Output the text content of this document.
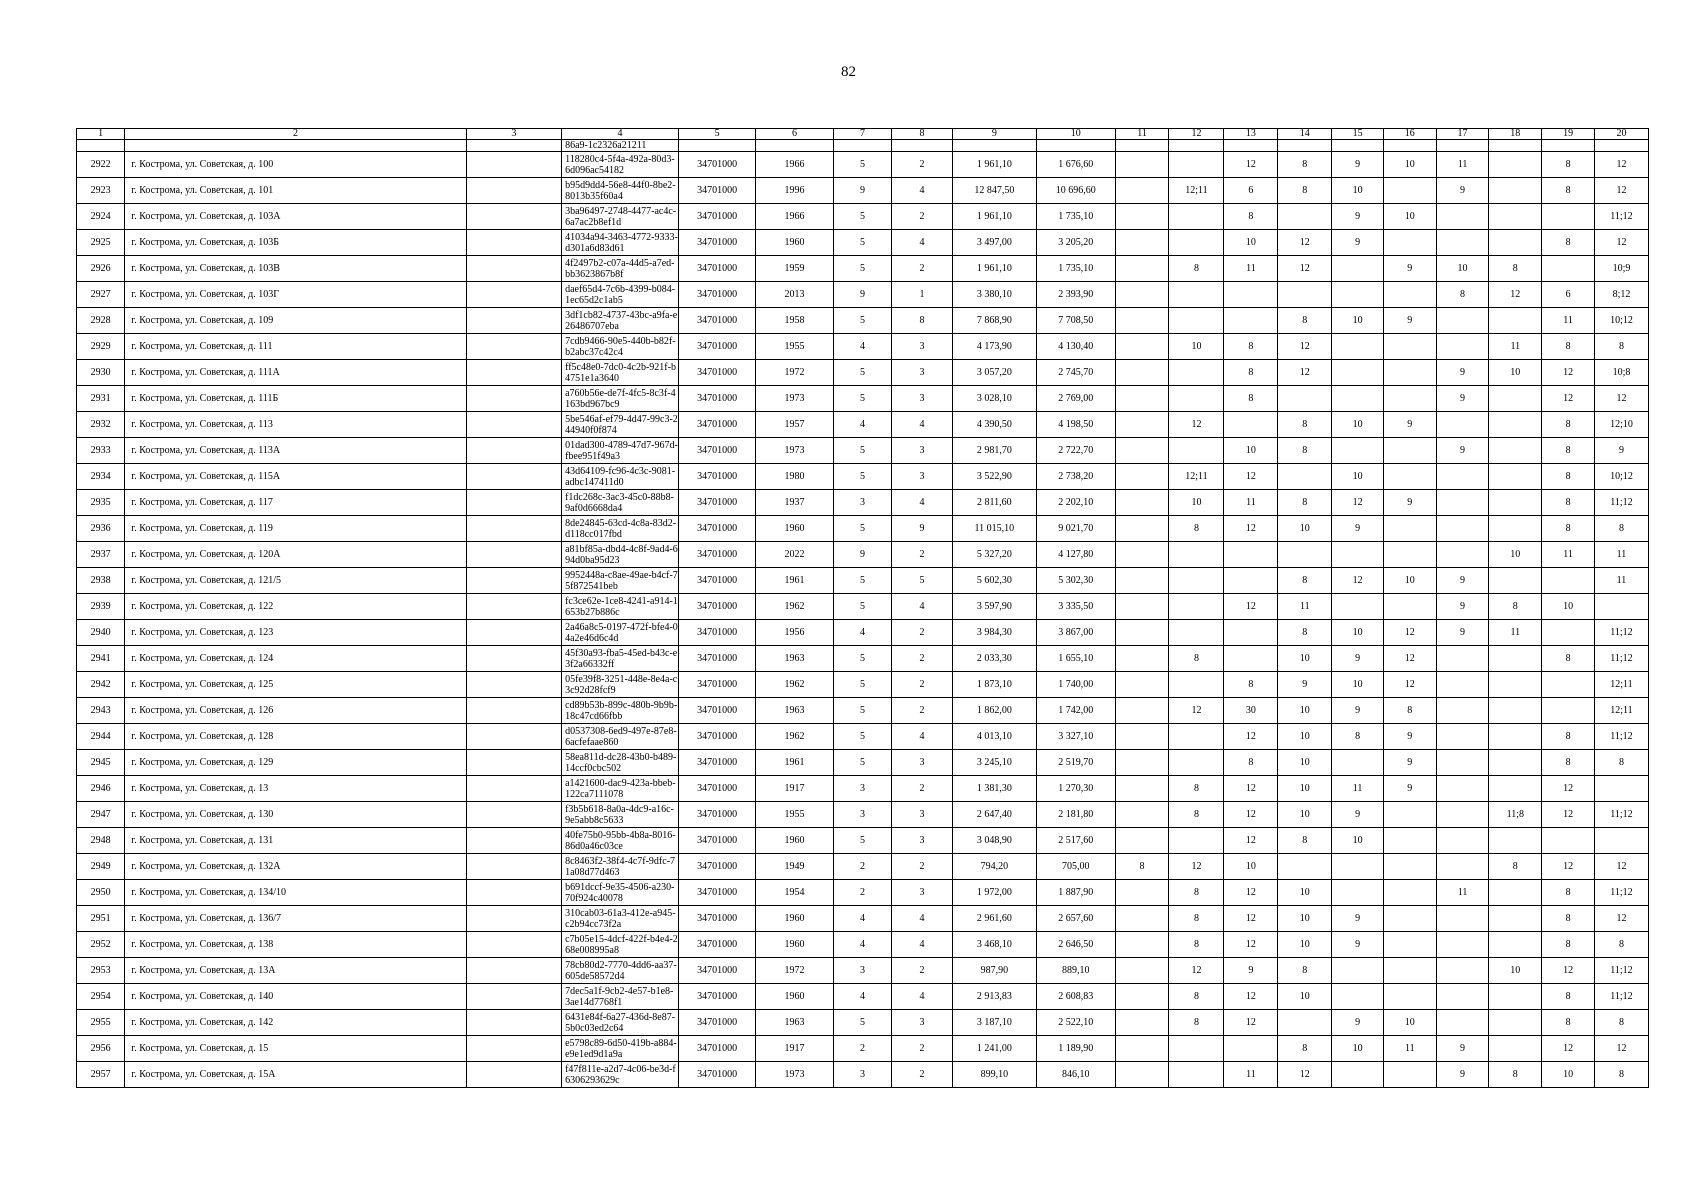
82
1	2	3	4	5	6	7	8	9	10	11	12	13	14	15	16	17	18	19	20
			86a9-1c2326a21211																
2922	г. Кострома, ул. Советская, д. 100		118280c4-5f4a-492a-80d3-6d096ac54182	34701000	1966	5	2	1 961,10	1 676,60			12	8	9	10	11		8	12
2923	г. Кострома, ул. Советская, д. 101		b95d9dd4-56e8-44f0-8be2-8013b35f60a4	34701000	1996	9	4	12 847,50	10 696,60		12;11	6	8	10		9		8	12
2924	г. Кострома, ул. Советская, д. 103А		3ba96497-2748-4477-ac4c-6a7ac2b8ef1d	34701000	1966	5	2	1 961,10	1 735,10			8		9	10				11;12
2925	г. Кострома, ул. Советская, д. 103Б		41034a94-3463-4772-9333-d301a6d83d61	34701000	1960	5	4	3 497,00	3 205,20			10	12	9				8	12
2926	г. Кострома, ул. Советская, д. 103В		4f2497b2-c07a-44d5-a7ed-bb3623867b8f	34701000	1959	5	2	1 961,10	1 735,10		8	11	12		9	10	8		10;9
2927	г. Кострома, ул. Советская, д. 103Г		daef65d4-7c6b-4399-b084-1ec65d2c1ab5	34701000	2013	9	1	3 380,10	2 393,90							8	12	6	8;12
2928	г. Кострома, ул. Советская, д. 109		3df1cb82-4737-43bc-a9fa-e26486707eba	34701000	1958	5	8	7 868,90	7 708,50				8	10	9			11	10;12
2929	г. Кострома, ул. Советская, д. 111		7cdb9466-90e5-440b-b82f-b2abc37c42c4	34701000	1955	4	3	4 173,90	4 130,40		10	8	12				11	8	8
2930	г. Кострома, ул. Советская, д. 111А		ff5c48e0-7dc0-4c2b-921f-b4751e1a3640	34701000	1972	5	3	3 057,20	2 745,70			8	12			9	10	12	10;8
2931	г. Кострома, ул. Советская, д. 111Б		a760b56e-de7f-4fc5-8c3f-4163bd967bc9	34701000	1973	5	3	3 028,10	2 769,00			8				9		12	12
2932	г. Кострома, ул. Советская, д. 113		5be546af-ef79-4d47-99c3-244940f0f874	34701000	1957	4	4	4 390,50	4 198,50		12		8	10	9			8	12;10
2933	г. Кострома, ул. Советская, д. 113А		01dad300-4789-47d7-967d-fbee951f49a3	34701000	1973	5	3	2 981,70	2 722,70			10	8			9		8	9
2934	г. Кострома, ул. Советская, д. 115А		43d64109-fc96-4c3c-9081-adbc147411d0	34701000	1980	5	3	3 522,90	2 738,20		12;11	12		10				8	10;12
2935	г. Кострома, ул. Советская, д. 117		f1dc268c-3ac3-45c0-88b8-9af0d6668da4	34701000	1937	3	4	2 811,60	2 202,10		10	11	8	12	9			8	11;12
2936	г. Кострома, ул. Советская, д. 119		8de24845-63cd-4c8a-83d2-d118cc017fbd	34701000	1960	5	9	11 015,10	9 021,70		8	12	10	9				8	8
2937	г. Кострома, ул. Советская, д. 120А		a81bf85a-dbd4-4c8f-9ad4-694d0ba95d23	34701000	2022	9	2	5 327,20	4 127,80								10	11	11
2938	г. Кострома, ул. Советская, д. 121/5		9952448a-c8ae-49ae-b4cf-75f872541beb	34701000	1961	5	5	5 602,30	5 302,30				8	12	10	9			11
2939	г. Кострома, ул. Советская, д. 122		fc3ce62e-1ce8-4241-a914-1653b27b886c	34701000	1962	5	4	3 597,90	3 335,50			12	11			9	8	10	
2940	г. Кострома, ул. Советская, д. 123		2a46a8c5-0197-472f-bfe4-04a2e46d6c4d	34701000	1956	4	2	3 984,30	3 867,00				8	10	12	9	11		11;12
2941	г. Кострома, ул. Советская, д. 124		45f30a93-fba5-45ed-b43c-e3f2a66332ff	34701000	1963	5	2	2 033,30	1 655,10		8		10	9	12			8	11;12
2942	г. Кострома, ул. Советская, д. 125		05fe39f8-3251-448e-8e4a-c3c92d28fcf9	34701000	1962	5	2	1 873,10	1 740,00			8	9	10	12				12;11
2943	г. Кострома, ул. Советская, д. 126		cd89b53b-899c-480b-9b9b-18c47cd66fbb	34701000	1963	5	2	1 862,00	1 742,00		12	30	10	9	8				12;11
2944	г. Кострома, ул. Советская, д. 128		d0537308-6ed9-497e-87e8-6acfefaae860	34701000	1962	5	4	4 013,10	3 327,10			12	10	8	9			8	11;12
2945	г. Кострома, ул. Советская, д. 129		58ea811d-dc28-43b0-b489-14ccf0cbc502	34701000	1961	5	3	3 245,10	2 519,70			8	10		9			8	8
2946	г. Кострома, ул. Советская, д. 13		a1421600-dac9-423a-bbeb-122ca7111078	34701000	1917	3	2	1 381,30	1 270,30		8	12	10	11	9			12	
2947	г. Кострома, ул. Советская, д. 130		f3b5b618-8a0a-4dc9-a16c-9e5abb8c5633	34701000	1955	3	3	2 647,40	2 181,80		8	12	10	9			11;8	12	11;12
2948	г. Кострома, ул. Советская, д. 131		40fe75b0-95bb-4b8a-8016-86d0a46c03ce	34701000	1960	5	3	3 048,90	2 517,60			12	8	10					
2949	г. Кострома, ул. Советская, д. 132А		8c8463f2-38f4-4c7f-9dfc-71a08d77d463	34701000	1949	2	2	794,20	705,00	8	12	10					8	12	12
2950	г. Кострома, ул. Советская, д. 134/10		b691dccf-9e35-4506-a230-70f924c40078	34701000	1954	2	3	1 972,00	1 887,90		8	12	10			11		8	11;12
2951	г. Кострома, ул. Советская, д. 136/7		310cab03-61a3-412e-a945-c2b94cc73f2a	34701000	1960	4	4	2 961,60	2 657,60		8	12	10	9				8	12
2952	г. Кострома, ул. Советская, д. 138		c7b05e15-4dcf-422f-b4e4-268e008995a8	34701000	1960	4	4	3 468,10	2 646,50		8	12	10	9				8	8
2953	г. Кострома, ул. Советская, д. 13А		78cb80d2-7770-4dd6-aa37-605de58572d4	34701000	1972	3	2	987,90	889,10		12	9	8				10	12	11;12
2954	г. Кострома, ул. Советская, д. 140		7dec5a1f-9cb2-4e57-b1e8-3ae14d7768f1	34701000	1960	4	4	2 913,83	2 608,83		8	12	10					8	11;12
2955	г. Кострома, ул. Советская, д. 142		6431e84f-6a27-436d-8e87-5b0c03ed2c64	34701000	1963	5	3	3 187,10	2 522,10		8	12		9	10			8	8
2956	г. Кострома, ул. Советская, д. 15		e5798c89-6d50-419b-a884-e9e1ed9d1a9a	34701000	1917	2	2	1 241,00	1 189,90				8	10	11	9		12	12
2957	г. Кострома, ул. Советская, д. 15А		f47f811e-a2d7-4c06-be3d-f6306293629c	34701000	1973	3	2	899,10	846,10			11	12			9	8	10	8
